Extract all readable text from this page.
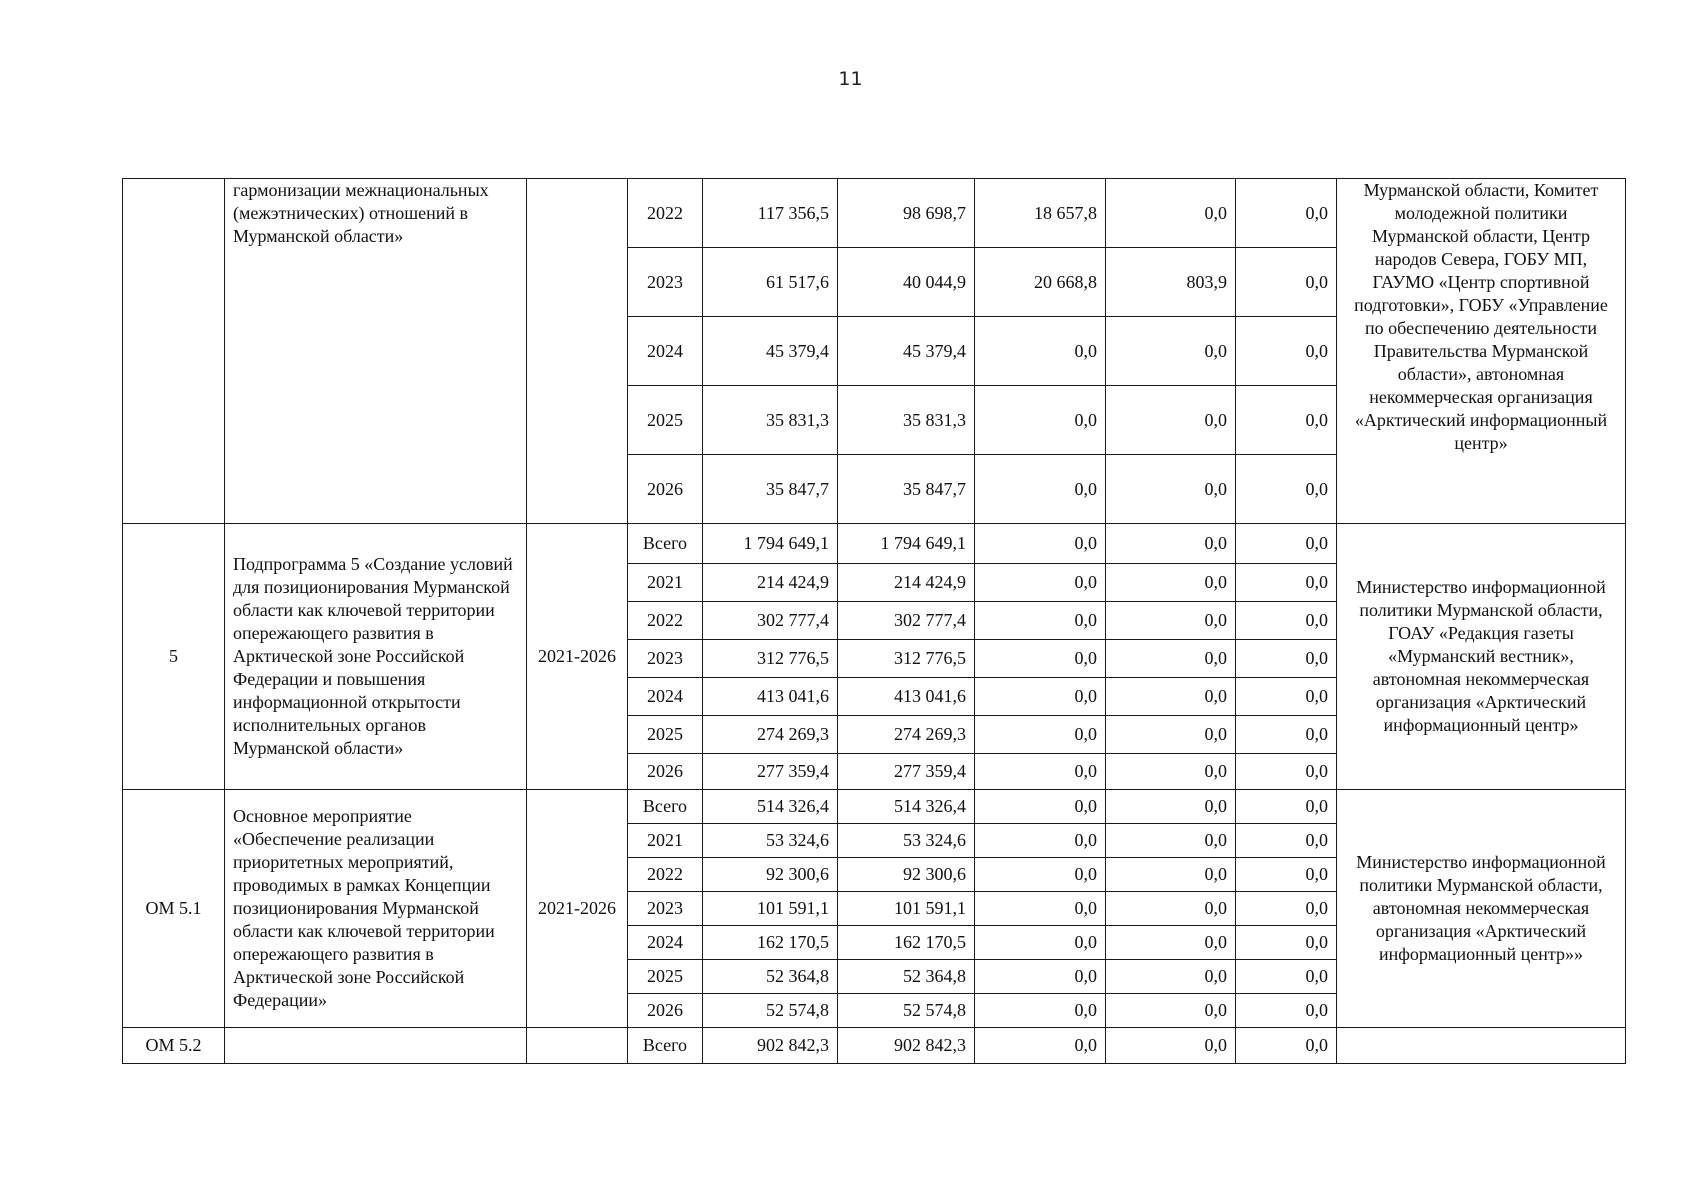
11
	гармонизации межнациональных (межэтнических) отношений в Мурманской области»		2022	117 356,5	98 698,7	18 657,8	0,0	0,0	Мурманской области, Комитет молодежной политики Мурманской области, Центр народов Севера, ГОБУ МП, ГАУМО «Центр спортивной подготовки», ГОБУ «Управление по обеспечению деятельности Правительства Мурманской области», автономная некоммерческая организация «Арктический информационный центр»
			2023	61 517,6	40 044,9	20 668,8	803,9	0,0	
			2024	45 379,4	45 379,4	0,0	0,0	0,0	
			2025	35 831,3	35 831,3	0,0	0,0	0,0	
			2026	35 847,7	35 847,7	0,0	0,0	0,0	
5	Подпрограмма 5 «Создание условий для позиционирования Мурманской области как ключевой территории опережающего развития в Арктической зоне Российской Федерации и повышения информационной открытости исполнительных органов Мурманской области»	2021-2026	Всего	1 794 649,1	1 794 649,1	0,0	0,0	0,0	Министерство информационной политики Мурманской области, ГОАУ «Редакция газеты «Мурманский вестник», автономная некоммерческая организация «Арктический информационный центр»
			2021	214 424,9	214 424,9	0,0	0,0	0,0	
			2022	302 777,4	302 777,4	0,0	0,0	0,0	
			2023	312 776,5	312 776,5	0,0	0,0	0,0	
			2024	413 041,6	413 041,6	0,0	0,0	0,0	
			2025	274 269,3	274 269,3	0,0	0,0	0,0	
			2026	277 359,4	277 359,4	0,0	0,0	0,0	
ОМ 5.1	Основное мероприятие «Обеспечение реализации приоритетных мероприятий, проводимых в рамках Концепции позиционирования Мурманской области как ключевой территории опережающего развития в Арктической зоне Российской Федерации»	2021-2026	Всего	514 326,4	514 326,4	0,0	0,0	0,0	Министерство информационной политики Мурманской области, автономная некоммерческая организация «Арктический информационный центр»»
			2021	53 324,6	53 324,6	0,0	0,0	0,0	
			2022	92 300,6	92 300,6	0,0	0,0	0,0	
			2023	101 591,1	101 591,1	0,0	0,0	0,0	
			2024	162 170,5	162 170,5	0,0	0,0	0,0	
			2025	52 364,8	52 364,8	0,0	0,0	0,0	
			2026	52 574,8	52 574,8	0,0	0,0	0,0	
ОМ 5.2			Всего	902 842,3	902 842,3	0,0	0,0	0,0	
